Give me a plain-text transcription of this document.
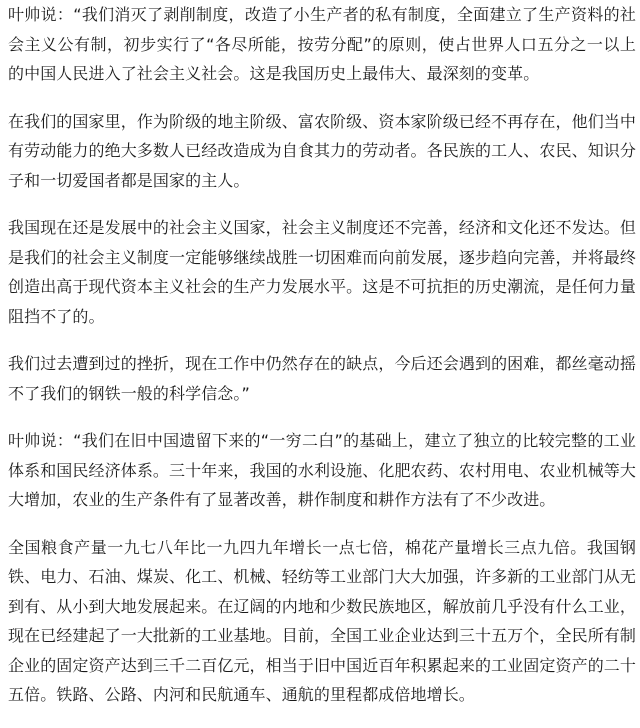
叶帅说：“我们消灭了剥削制度，改造了小生产者的私有制度，全面建立了生产资料的社会主义公有制，初步实行了“各尽所能，按劳分配”的原则，使占世界人口五分之一以上的中国人民进入了社会主义社会。这是我国历史上最伟大、最深刻的变革。

在我们的国家里，作为阶级的地主阶级、富农阶级、资本家阶级已经不再存在，他们当中有劳动能力的绝大多数人已经改造成为自食其力的劳动者。各民族的工人、农民、知识分子和一切爱国者都是国家的主人。

我国现在还是发展中的社会主义国家，社会主义制度还不完善，经济和文化还不发达。但是我们的社会主义制度一定能够继续战胜一切困难而向前发展，逐步趋向完善，并将最终创造出高于现代资本主义社会的生产力发展水平。这是不可抗拒的历史潮流，是任何力量阻挡不了的。

我们过去遭到过的挫折，现在工作中仍然存在的缺点，今后还会遇到的困难，都丝毫动摇不了我们的钢铁一般的科学信念。”

叶帅说：“我们在旧中国遗留下来的“一穷二白”的基础上，建立了独立的比较完整的工业体系和国民经济体系。三十年来，我国的水利设施、化肥农药、农村用电、农业机械等大大增加，农业的生产条件有了显著改善，耕作制度和耕作方法有了不少改进。

全国粮食产量一九七八年比一九四九年增长一点七倍，棉花产量增长三点九倍。我国钢铁、电力、石油、煤炭、化工、机械、轻纺等工业部门大大加强，许多新的工业部门从无到有、从小到大地发展起来。在辽阔的内地和少数民族地区，解放前几乎没有什么工业，现在已经建起了一大批新的工业基地。目前，全国工业企业达到三十五万个，全民所有制企业的固定资产达到三千二百亿元，相当于旧中国近百年积累起来的工业固定资产的二十五倍。铁路、公路、内河和民航通车、通航的里程都成倍地增长。
